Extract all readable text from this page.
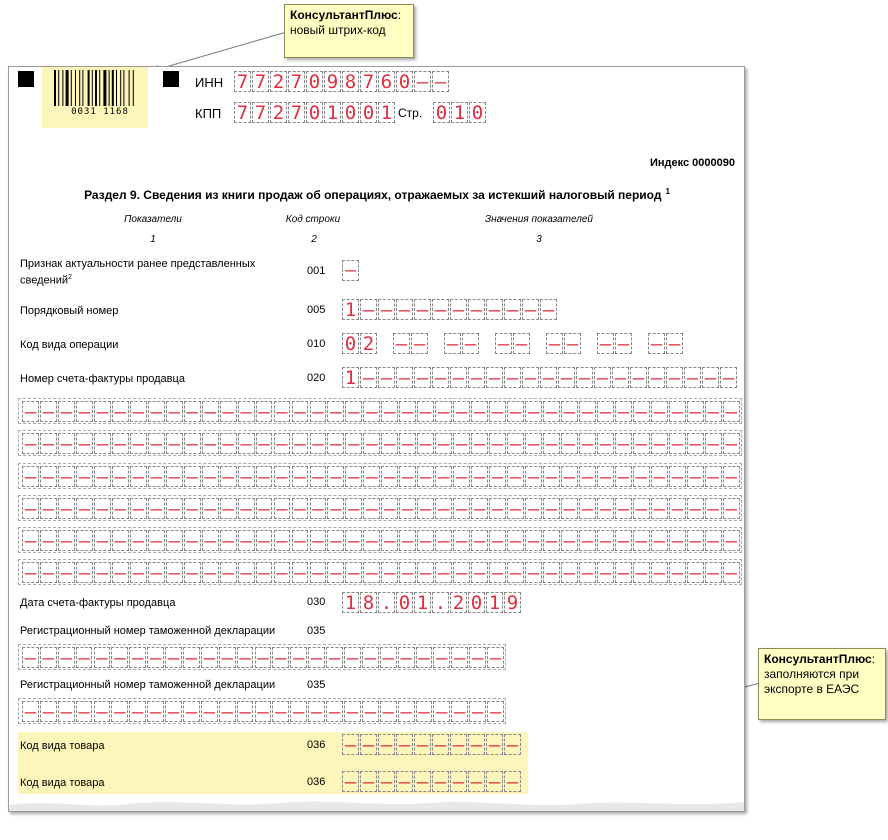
КонсультантПлюс:
новый штрих-код
0031 1168
ИНН 7 7 2 7 0 9 8 7 6 0 – –
КПП 7 7 2 7 0 1 0 0 1 Стр. 0 1 0
Индекс 0000090
Раздел 9. Сведения из книги продаж об операциях, отражаемых за истекший налоговый период $^1$
Показатели	Код строки	Значения показателей
1	2	3
Признак актуальности ранее представленных сведений$^2$
001 –
Порядковый номер	005 1 – – – – – – – – – – –
Код вида операции	010 0 2 – – – – – – – – – – – –
Номер счета-фактуры продавца	020 1 – – – – – – – – – – – – – – – – – – – – –
– – – – – – – – – – – – – – – – – – – – – – – – – – – – – – – – – – – – – – – –
– – – – – – – – – – – – – – – – – – – – – – – – – – – – – – – – – – – – – – – –
– – – – – – – – – – – – – – – – – – – – – – – – – – – – – – – – – – – – – – – –
– – – – – – – – – – – – – – – – – – – – – – – – – – – – – – – – – – – – – – – –
– – – – – – – – – – – – – – – – – – – – – – – – – – – – – – – – – – – – – – – –
– – – – – – – – – – – – – – – – – – – – – – – – – – – – – – – – – – – – – – – –
Дата счета-фактуры продавца	030 1 8 . 0 1 . 2 0 1 9
Регистрационный номер таможенной декларации	035
– – – – – – – – – – – – – – – – – – – – – – – – – – –
Регистрационный номер таможенной декларации	035
– – – – – – – – – – – – – – – – – – – – – – – – – – –
Код вида товара	036 – – – – – – – – – –
Код вида товара	036 – – – – – – – – – –
КонсультантПлюс:
заполняются при экспорте в ЕАЭС
